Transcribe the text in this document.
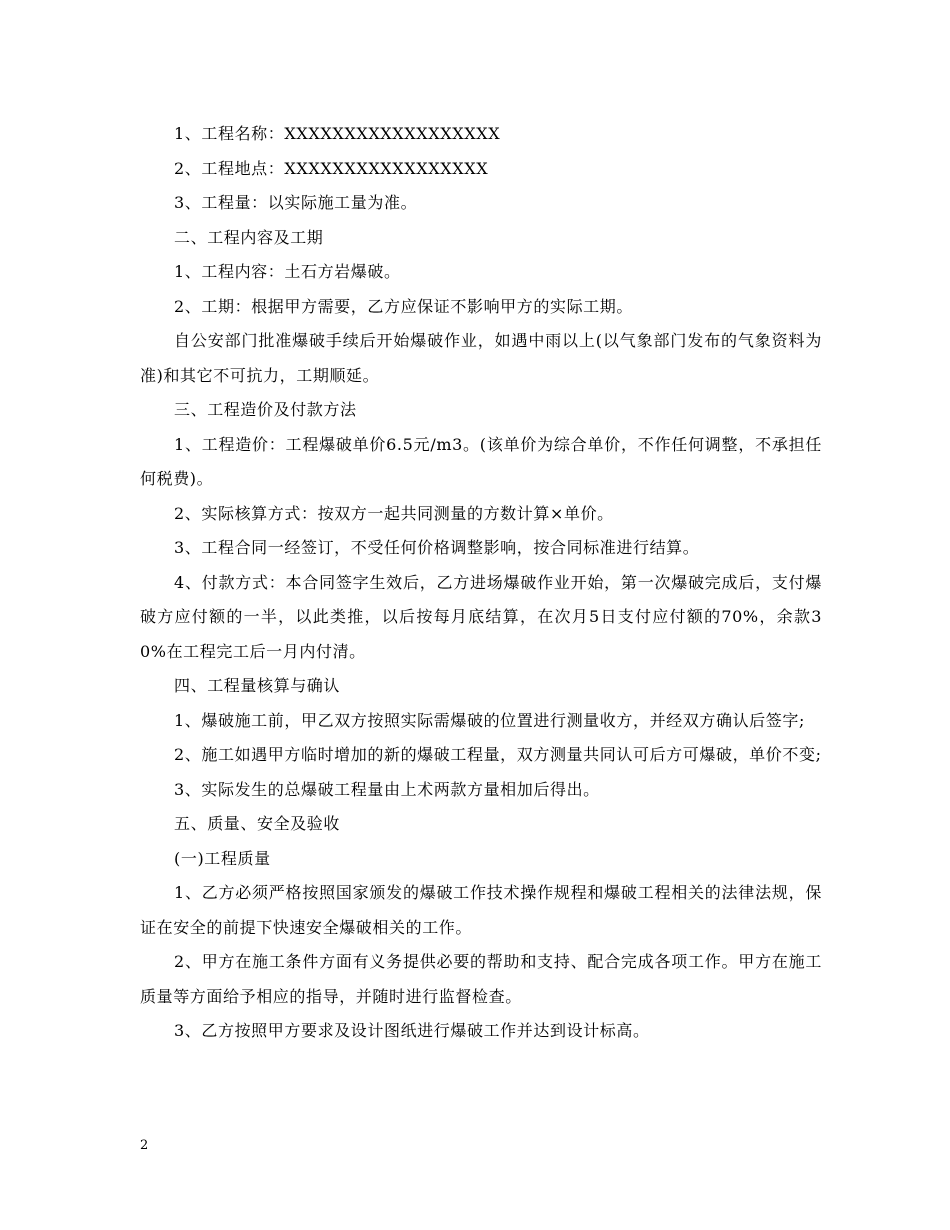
1、工程名称：XXXXXXXXXXXXXXXXXX

2、工程地点：XXXXXXXXXXXXXXXXX

3、工程量：以实际施工量为准。

二、工程内容及工期

1、工程内容：土石方岩爆破。

2、工期：根据甲方需要，乙方应保证不影响甲方的实际工期。

自公安部门批准爆破手续后开始爆破作业，如遇中雨以上(以气象部门发布的气象资料为准)和其它不可抗力，工期顺延。

三、工程造价及付款方法

1、工程造价：工程爆破单价6.5元/m3。(该单价为综合单价，不作任何调整，不承担任何税费)。

2、实际核算方式：按双方一起共同测量的方数计算×单价。

3、工程合同一经签订，不受任何价格调整影响，按合同标准进行结算。

4、付款方式：本合同签字生效后，乙方进场爆破作业开始，第一次爆破完成后，支付爆破方应付额的一半，以此类推，以后按每月底结算，在次月5日支付应付额的70%，余款30%在工程完工后一月内付清。

四、工程量核算与确认

1、爆破施工前，甲乙双方按照实际需爆破的位置进行测量收方，并经双方确认后签字;

2、施工如遇甲方临时增加的新的爆破工程量，双方测量共同认可后方可爆破，单价不变;

3、实际发生的总爆破工程量由上术两款方量相加后得出。

五、质量、安全及验收

(一)工程质量

1、乙方必须严格按照国家颁发的爆破工作技术操作规程和爆破工程相关的法律法规，保证在安全的前提下快速安全爆破相关的工作。

2、甲方在施工条件方面有义务提供必要的帮助和支持、配合完成各项工作。甲方在施工质量等方面给予相应的指导，并随时进行监督检查。

3、乙方按照甲方要求及设计图纸进行爆破工作并达到设计标高。

2
